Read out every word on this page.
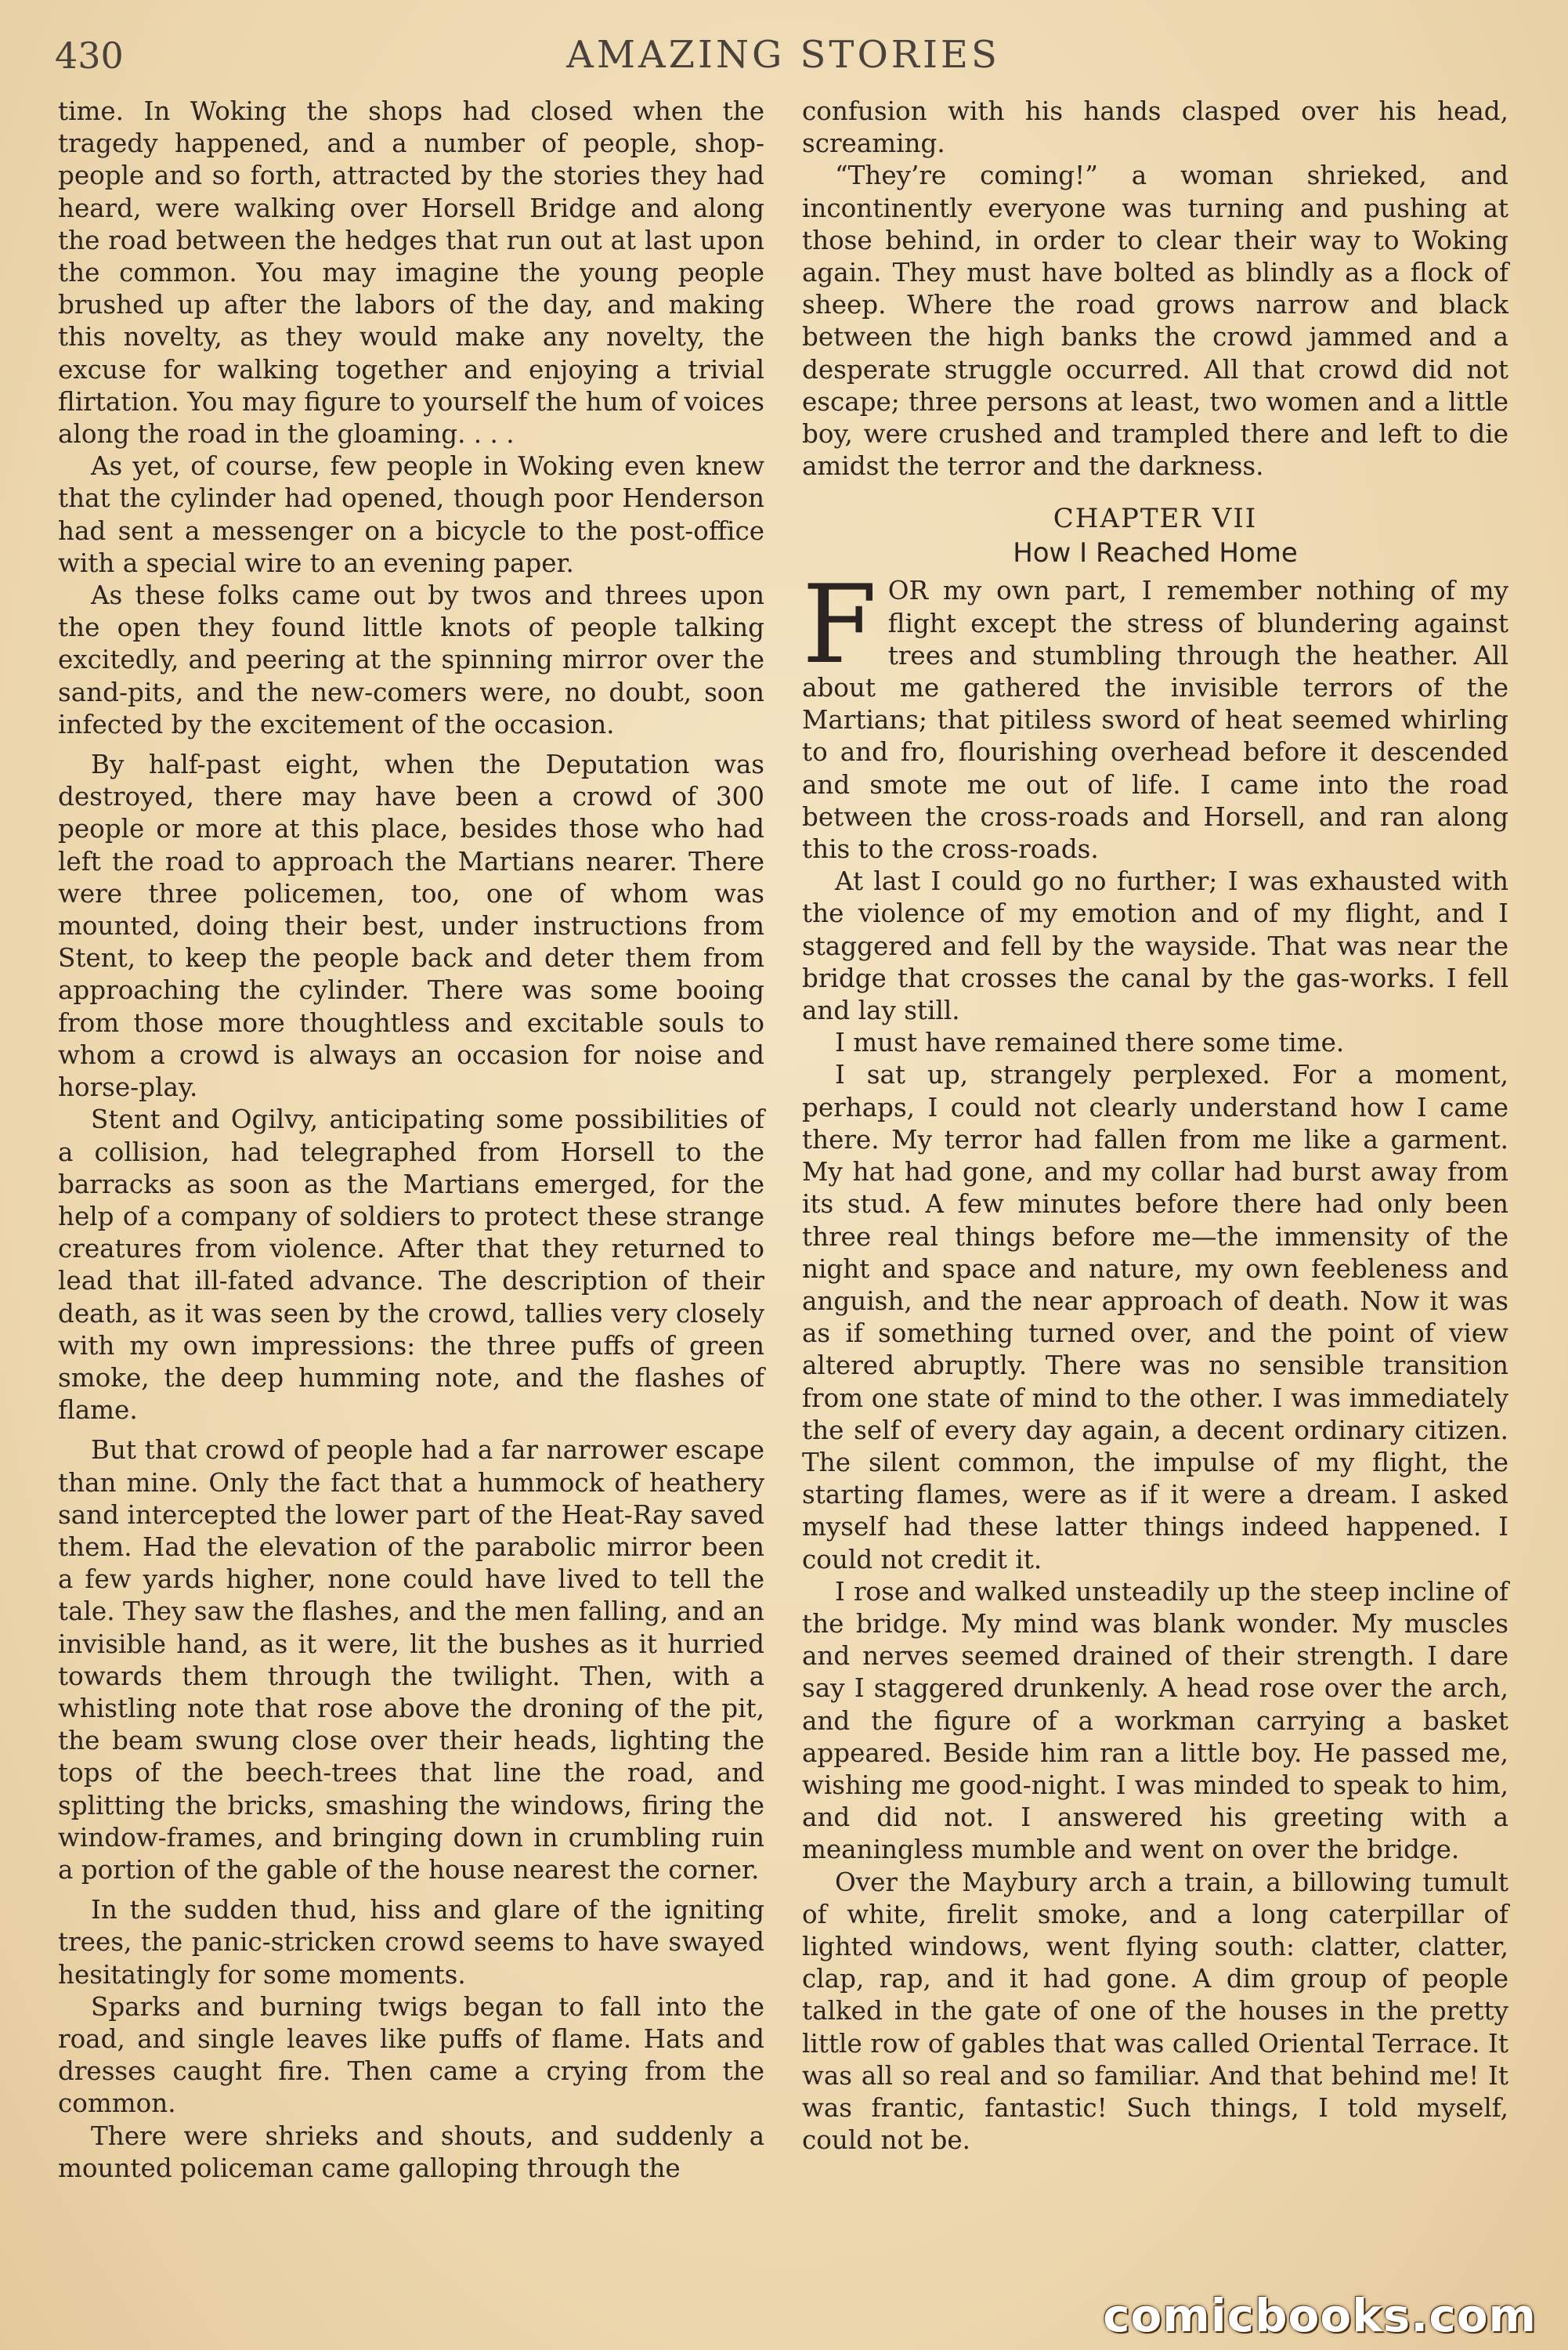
430	AMAZING STORIES

time. In Woking the shops had closed when the tragedy happened, and a number of people, shop-people and so forth, attracted by the stories they had heard, were walking over Horsell Bridge and along the road between the hedges that run out at last upon the common. You may imagine the young people brushed up after the labors of the day, and making this novelty, as they would make any novelty, the excuse for walking together and enjoying a trivial flirtation. You may figure to yourself the hum of voices along the road in the gloaming. . . .

As yet, of course, few people in Woking even knew that the cylinder had opened, though poor Henderson had sent a messenger on a bicycle to the post-office with a special wire to an evening paper.

As these folks came out by twos and threes upon the open they found little knots of people talking excitedly, and peering at the spinning mirror over the sand-pits, and the new-comers were, no doubt, soon infected by the excitement of the occasion.

By half-past eight, when the Deputation was destroyed, there may have been a crowd of 300 people or more at this place, besides those who had left the road to approach the Martians nearer. There were three policemen, too, one of whom was mounted, doing their best, under instructions from Stent, to keep the people back and deter them from approaching the cylinder. There was some booing from those more thoughtless and excitable souls to whom a crowd is always an occasion for noise and horse-play.

Stent and Ogilvy, anticipating some possibilities of a collision, had telegraphed from Horsell to the barracks as soon as the Martians emerged, for the help of a company of soldiers to protect these strange creatures from violence. After that they returned to lead that ill-fated advance. The description of their death, as it was seen by the crowd, tallies very closely with my own impressions: the three puffs of green smoke, the deep humming note, and the flashes of flame.

But that crowd of people had a far narrower escape than mine. Only the fact that a hummock of heathery sand intercepted the lower part of the Heat-Ray saved them. Had the elevation of the parabolic mirror been a few yards higher, none could have lived to tell the tale. They saw the flashes, and the men falling, and an invisible hand, as it were, lit the bushes as it hurried towards them through the twilight. Then, with a whistling note that rose above the droning of the pit, the beam swung close over their heads, lighting the tops of the beech-trees that line the road, and splitting the bricks, smashing the windows, firing the window-frames, and bringing down in crumbling ruin a portion of the gable of the house nearest the corner.

In the sudden thud, hiss and glare of the igniting trees, the panic-stricken crowd seems to have swayed hesitatingly for some moments.

Sparks and burning twigs began to fall into the road, and single leaves like puffs of flame. Hats and dresses caught fire. Then came a crying from the common.

There were shrieks and shouts, and suddenly a mounted policeman came galloping through the

confusion with his hands clasped over his head, screaming.

“They’re coming!” a woman shrieked, and incontinently everyone was turning and pushing at those behind, in order to clear their way to Woking again. They must have bolted as blindly as a flock of sheep. Where the road grows narrow and black between the high banks the crowd jammed and a desperate struggle occurred. All that crowd did not escape; three persons at least, two women and a little boy, were crushed and trampled there and left to die amidst the terror and the darkness.

CHAPTER VII
How I Reached Home

FOR my own part, I remember nothing of my flight except the stress of blundering against trees and stumbling through the heather. All about me gathered the invisible terrors of the Martians; that pitiless sword of heat seemed whirling to and fro, flourishing overhead before it descended and smote me out of life. I came into the road between the cross-roads and Horsell, and ran along this to the cross-roads.

At last I could go no further; I was exhausted with the violence of my emotion and of my flight, and I staggered and fell by the wayside. That was near the bridge that crosses the canal by the gas-works. I fell and lay still.

I must have remained there some time.

I sat up, strangely perplexed. For a moment, perhaps, I could not clearly understand how I came there. My terror had fallen from me like a garment. My hat had gone, and my collar had burst away from its stud. A few minutes before there had only been three real things before me—the immensity of the night and space and nature, my own feebleness and anguish, and the near approach of death. Now it was as if something turned over, and the point of view altered abruptly. There was no sensible transition from one state of mind to the other. I was immediately the self of every day again, a decent ordinary citizen. The silent common, the impulse of my flight, the starting flames, were as if it were a dream. I asked myself had these latter things indeed happened. I could not credit it.

I rose and walked unsteadily up the steep incline of the bridge. My mind was blank wonder. My muscles and nerves seemed drained of their strength. I dare say I staggered drunkenly. A head rose over the arch, and the figure of a workman carrying a basket appeared. Beside him ran a little boy. He passed me, wishing me good-night. I was minded to speak to him, and did not. I answered his greeting with a meaningless mumble and went on over the bridge.

Over the Maybury arch a train, a billowing tumult of white, firelit smoke, and a long caterpillar of lighted windows, went flying south: clatter, clatter, clap, rap, and it had gone. A dim group of people talked in the gate of one of the houses in the pretty little row of gables that was called Oriental Terrace. It was all so real and so familiar. And that behind me! It was frantic, fantastic! Such things, I told myself, could not be.

comicbooks.com
